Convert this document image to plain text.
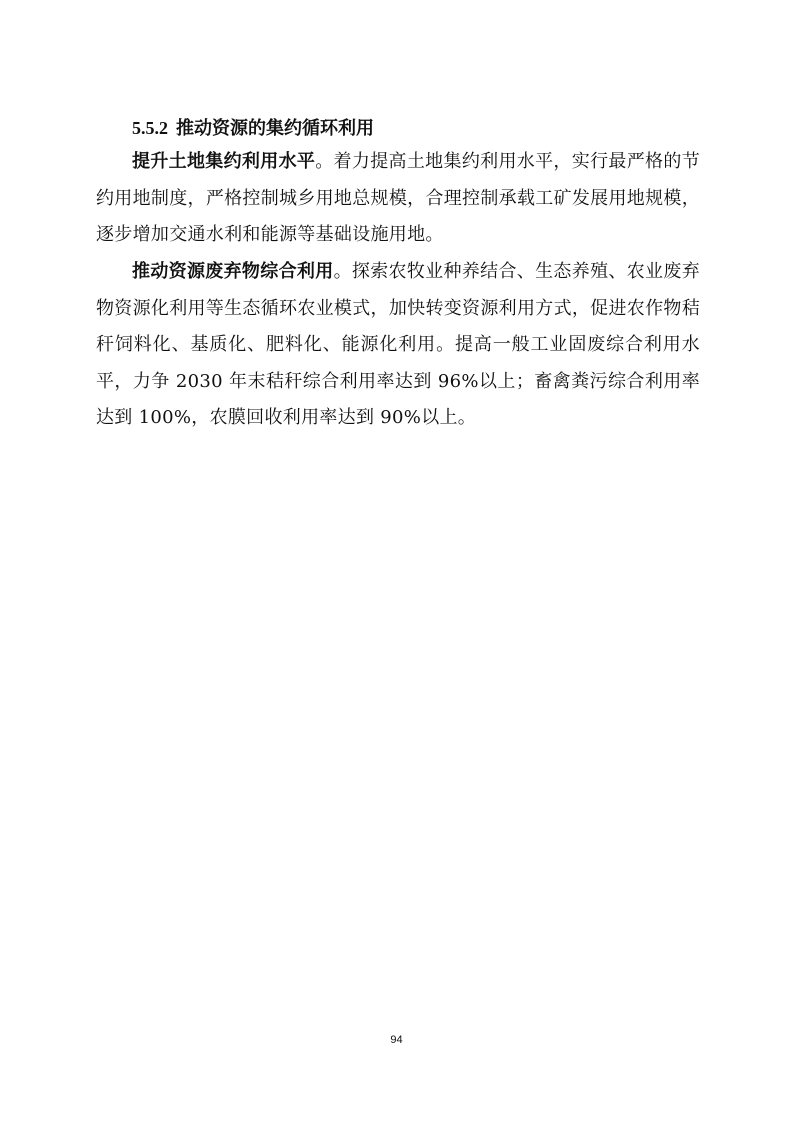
5.5.2 推动资源的集约循环利用

提升土地集约利用水平。着力提高土地集约利用水平，实行最严格的节约用地制度，严格控制城乡用地总规模，合理控制承载工矿发展用地规模，逐步增加交通水利和能源等基础设施用地。

推动资源废弃物综合利用。探索农牧业种养结合、生态养殖、农业废弃物资源化利用等生态循环农业模式，加快转变资源利用方式，促进农作物秸秆饲料化、基质化、肥料化、能源化利用。提高一般工业固废综合利用水平，力争 2030 年末秸秆综合利用率达到 96%以上；畜禽粪污综合利用率达到 100%，农膜回收利用率达到 90%以上。

94
